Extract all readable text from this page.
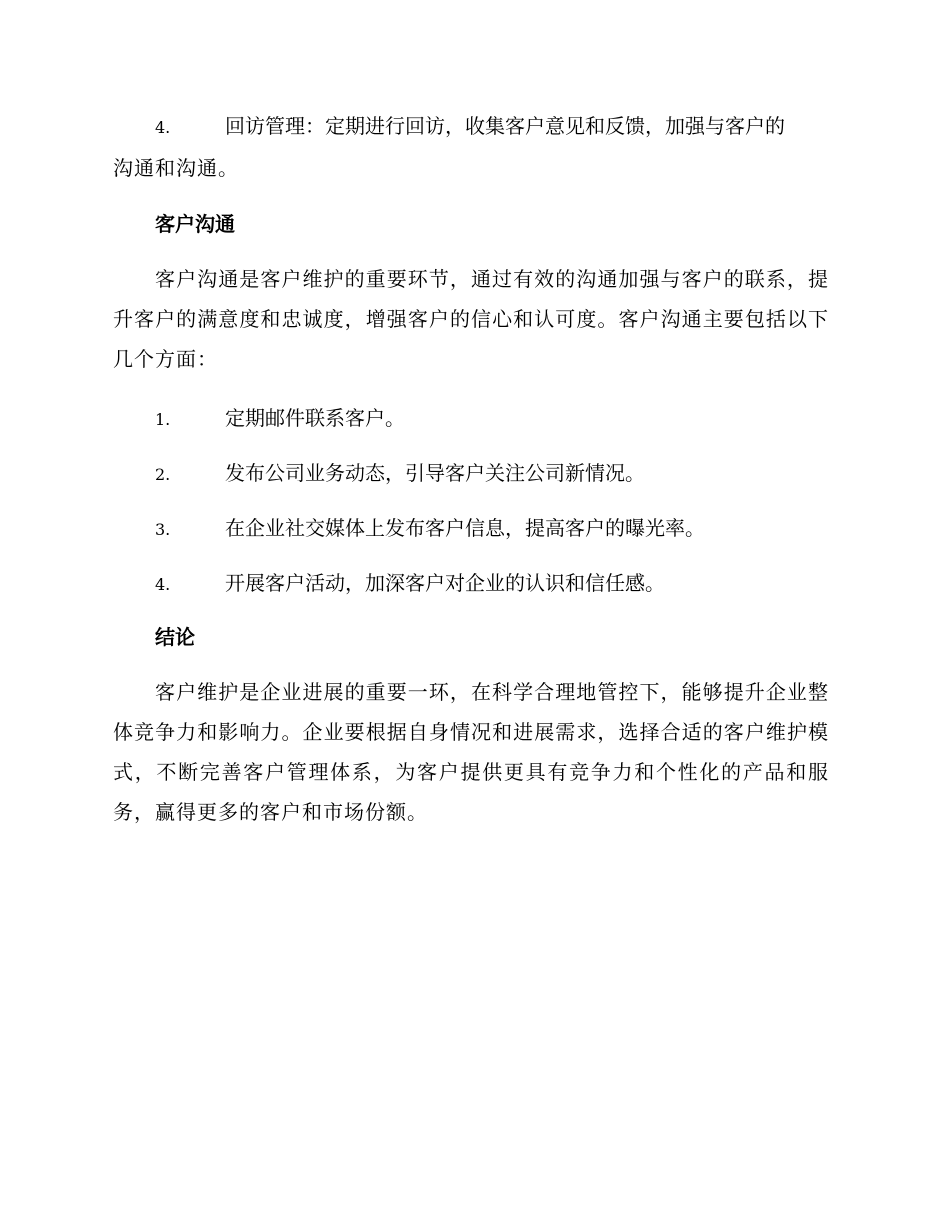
4.	回访管理：定期进行回访，收集客户意见和反馈，加强与客户的
沟通和沟通。
客户沟通
客户沟通是客户维护的重要环节，通过有效的沟通加强与客户的联系，提升客户的满意度和忠诚度，增强客户的信心和认可度。客户沟通主要包括以下几个方面：
1.	定期邮件联系客户。
2.	发布公司业务动态，引导客户关注公司新情况。
3.	在企业社交媒体上发布客户信息，提高客户的曝光率。
4.	开展客户活动，加深客户对企业的认识和信任感。
结论
客户维护是企业进展的重要一环，在科学合理地管控下，能够提升企业整体竞争力和影响力。企业要根据自身情况和进展需求，选择合适的客户维护模式，不断完善客户管理体系，为客户提供更具有竞争力和个性化的产品和服务，赢得更多的客户和市场份额。
